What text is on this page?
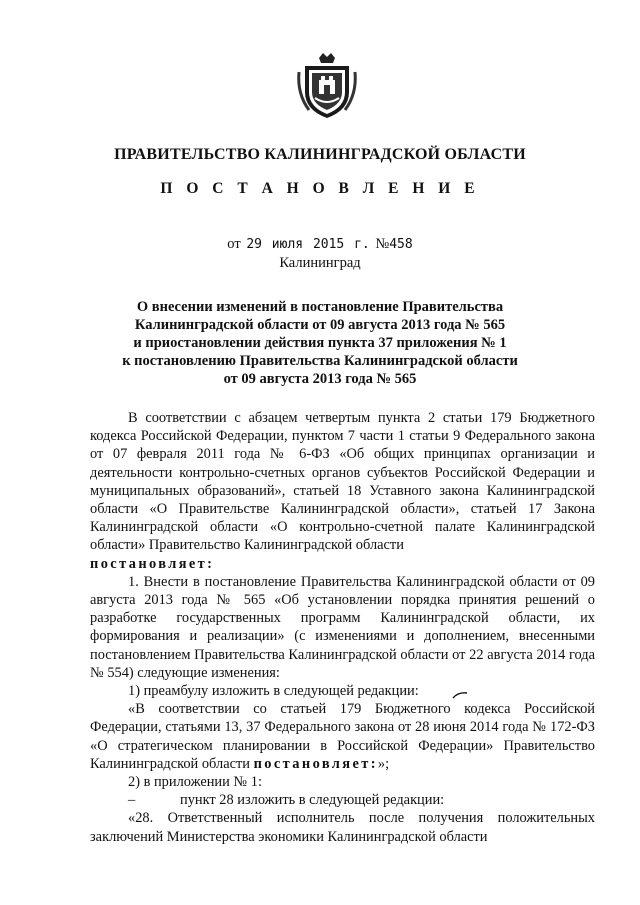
ПРАВИТЕЛЬСТВО КАЛИНИНГРАДСКОЙ ОБЛАСТИ
П О С Т А Н О В Л Е Н И Е
от 29 июля 2015 г. №458
Калининград
О внесении изменений в постановление Правительства
Калининградской области от 09 августа 2013 года № 565
и приостановлении действия пункта 37 приложения № 1
к постановлению Правительства Калининградской области
от 09 августа 2013 года № 565

В соответствии с абзацем четвертым пункта 2 статьи 179 Бюджетного кодекса Российской Федерации, пунктом 7 части 1 статьи 9 Федерального закона от 07 февраля 2011 года № 6-ФЗ «Об общих принципах организации и деятельности контрольно-счетных органов субъектов Российской Федерации и муниципальных образований», статьей 18 Уставного закона Калининградской области «О Правительстве Калининградской области», статьей 17 Закона Калининградской области «О контрольно-счетной палате Калининградской области» Правительство Калининградской области
постановляет:

1. Внести в постановление Правительства Калининградской области от 09 августа 2013 года № 565 «Об установлении порядка принятия решений о разработке государственных программ Калининградской области, их формирования и реализации» (с изменениями и дополнением, внесенными постановлением Правительства Калининградской области от 22 августа 2014 года № 554) следующие изменения:

1) преамбулу изложить в следующей редакции:

«В соответствии со статьей 179 Бюджетного кодекса Российской Федерации, статьями 13, 37 Федерального закона от 28 июня 2014 года № 172-ФЗ «О стратегическом планировании в Российской Федерации» Правительство Калининградской области постановляет:»;

2) в приложении № 1:

–	пункт 28 изложить в следующей редакции:

«28. Ответственный исполнитель после получения положительных заключений Министерства экономики Калининградской области
